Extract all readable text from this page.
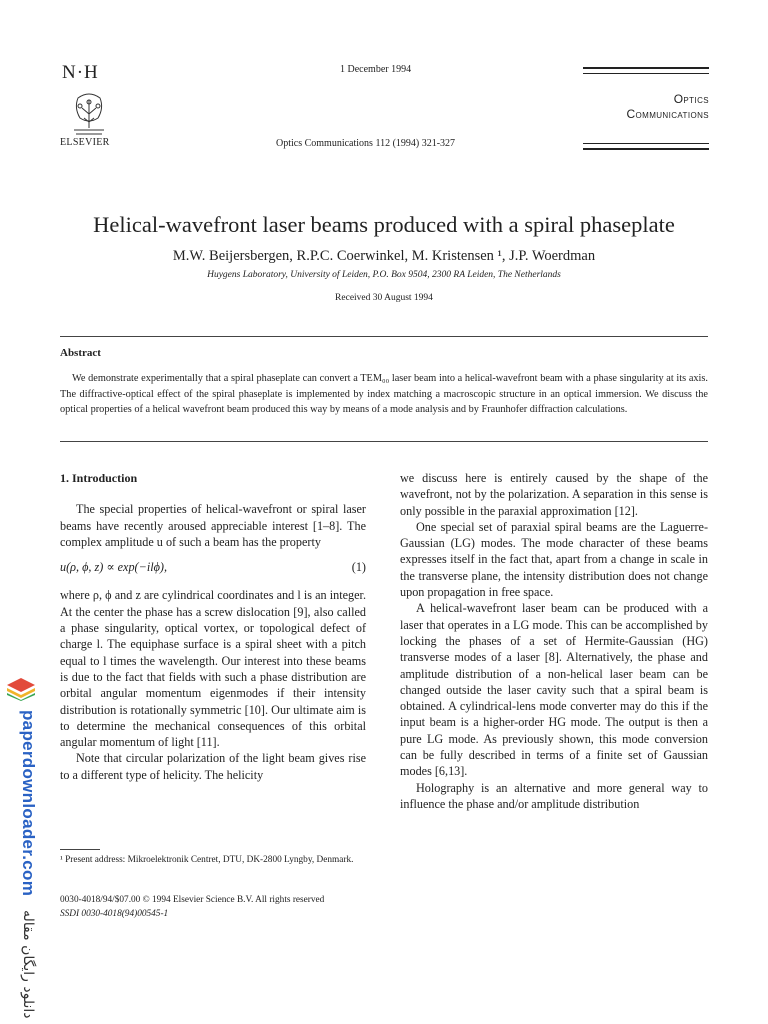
N·H
ELSEVIER
1 December 1994
Optics Communications 112 (1994) 321-327
Optics
Communications
Helical-wavefront laser beams produced with a spiral phaseplate
M.W. Beijersbergen, R.P.C. Coerwinkel, M. Kristensen ¹, J.P. Woerdman
Huygens Laboratory, University of Leiden, P.O. Box 9504, 2300 RA Leiden, The Netherlands
Received 30 August 1994
Abstract
We demonstrate experimentally that a spiral phaseplate can convert a TEM₀₀ laser beam into a helical-wavefront beam with a phase singularity at its axis. The diffractive-optical effect of the spiral phaseplate is implemented by index matching a macroscopic structure in an optical immersion. We discuss the optical properties of a helical wavefront beam produced this way by means of a mode analysis and by Fraunhofer diffraction calculations.

1. Introduction

The special properties of helical-wavefront or spiral laser beams have recently aroused appreciable interest [1–8]. The complex amplitude u of such a beam has the property

u(ρ, ϕ, z) ∝ exp(−ilϕ),	(1)

where ρ, ϕ and z are cylindrical coordinates and l is an integer. At the center the phase has a screw dislocation [9], also called a phase singularity, optical vortex, or topological defect of charge l. The equiphase surface is a spiral sheet with a pitch equal to l times the wavelength. Our interest into these beams is due to the fact that fields with such a phase distribution are orbital angular momentum eigenmodes if their intensity distribution is rotationally symmetric [10]. Our ultimate aim is to determine the mechanical consequences of this orbital angular momentum of light [11].

Note that circular polarization of the light beam gives rise to a different type of helicity. The helicity

we discuss here is entirely caused by the shape of the wavefront, not by the polarization. A separation in this sense is only possible in the paraxial approximation [12].

One special set of paraxial spiral beams are the Laguerre-Gaussian (LG) modes. The mode character of these beams expresses itself in the fact that, apart from a change in scale in the transverse plane, the intensity distribution does not change upon propagation in free space.

A helical-wavefront laser beam can be produced with a laser that operates in a LG mode. This can be accomplished by locking the phases of a set of Hermite-Gaussian (HG) transverse modes of a laser [8]. Alternatively, the phase and amplitude distribution of a non-helical laser beam can be changed outside the laser cavity such that a spiral beam is obtained. A cylindrical-lens mode converter may do this if the input beam is a higher-order HG mode. The output is then a pure LG mode. As previously shown, this mode conversion can be fully described in terms of a finite set of Gaussian modes [6,13].

Holography is an alternative and more general way to influence the phase and/or amplitude distribution

¹ Present address: Mikroelektronik Centret, DTU, DK-2800 Lyngby, Denmark.
0030-4018/94/$07.00 © 1994 Elsevier Science B.V. All rights reserved
SSDI 0030-4018(94)00545-1
paperdownloader.com
دانلود رایگان مقاله
